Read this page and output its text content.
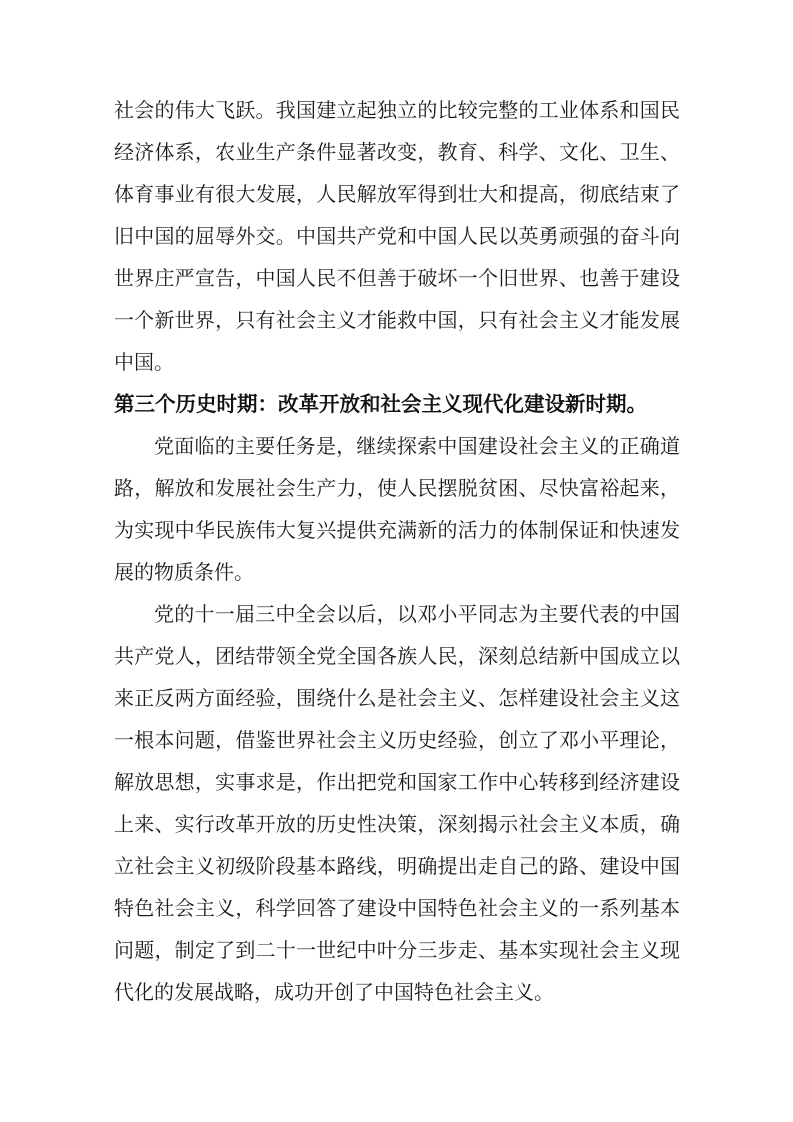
社会的伟大飞跃。我国建立起独立的比较完整的工业体系和国民
经济体系，农业生产条件显著改变，教育、科学、文化、卫生、
体育事业有很大发展，人民解放军得到壮大和提高，彻底结束了
旧中国的屈辱外交。中国共产党和中国人民以英勇顽强的奋斗向
世界庄严宣告，中国人民不但善于破坏一个旧世界、也善于建设
一个新世界，只有社会主义才能救中国，只有社会主义才能发展
中国。
第三个历史时期：改革开放和社会主义现代化建设新时期。
党面临的主要任务是，继续探索中国建设社会主义的正确道
路，解放和发展社会生产力，使人民摆脱贫困、尽快富裕起来，
为实现中华民族伟大复兴提供充满新的活力的体制保证和快速发
展的物质条件。
党的十一届三中全会以后，以邓小平同志为主要代表的中国
共产党人，团结带领全党全国各族人民，深刻总结新中国成立以
来正反两方面经验，围绕什么是社会主义、怎样建设社会主义这
一根本问题，借鉴世界社会主义历史经验，创立了邓小平理论，
解放思想，实事求是，作出把党和国家工作中心转移到经济建设
上来、实行改革开放的历史性决策，深刻揭示社会主义本质，确
立社会主义初级阶段基本路线，明确提出走自己的路、建设中国
特色社会主义，科学回答了建设中国特色社会主义的一系列基本
问题，制定了到二十一世纪中叶分三步走、基本实现社会主义现
代化的发展战略，成功开创了中国特色社会主义。
